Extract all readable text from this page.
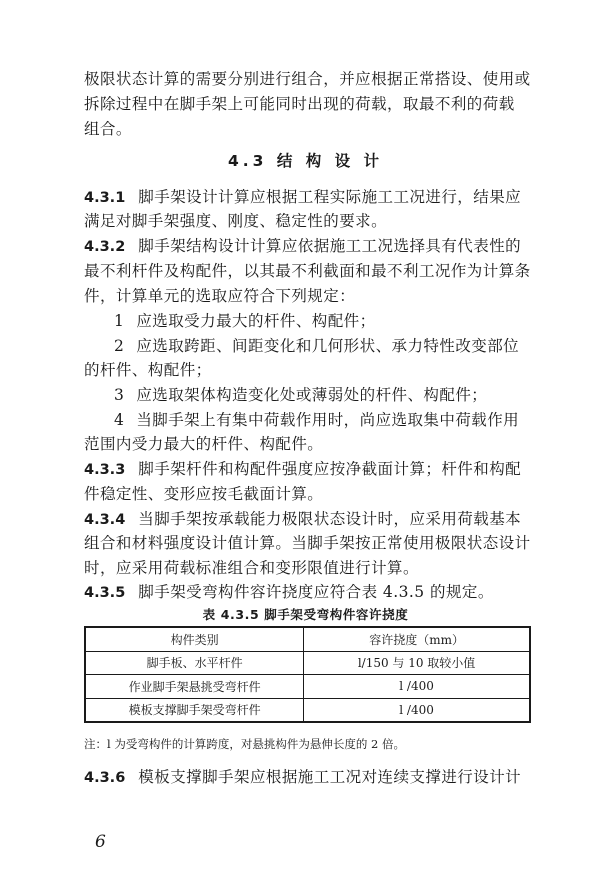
极限状态计算的需要分别进行组合，并应根据正常搭设、使用或
拆除过程中在脚手架上可能同时出现的荷载，取最不利的荷载
组合。
4.3 结 构 设 计
4.3.1 脚手架设计计算应根据工程实际施工工况进行，结果应
满足对脚手架强度、刚度、稳定性的要求。
4.3.2 脚手架结构设计计算应依据施工工况选择具有代表性的
最不利杆件及构配件，以其最不利截面和最不利工况作为计算条
件，计算单元的选取应符合下列规定：
1 应选取受力最大的杆件、构配件；
2 应选取跨距、间距变化和几何形状、承力特性改变部位
的杆件、构配件；
3 应选取架体构造变化处或薄弱处的杆件、构配件；
4 当脚手架上有集中荷载作用时，尚应选取集中荷载作用
范围内受力最大的杆件、构配件。
4.3.3 脚手架杆件和构配件强度应按净截面计算；杆件和构配
件稳定性、变形应按毛截面计算。
4.3.4 当脚手架按承载能力极限状态设计时，应采用荷载基本
组合和材料强度设计值计算。当脚手架按正常使用极限状态设计
时，应采用荷载标准组合和变形限值进行计算。
4.3.5 脚手架受弯构件容许挠度应符合表 4.3.5 的规定。
表 4.3.5 脚手架受弯构件容许挠度
构件类别	容许挠度（mm）
脚手板、水平杆件	l/150 与 10 取较小值
作业脚手架悬挑受弯杆件	l /400
模板支撑脚手架受弯杆件	l /400
注：l 为受弯构件的计算跨度，对悬挑构件为悬伸长度的 2 倍。
4.3.6 模板支撑脚手架应根据施工工况对连续支撑进行设计计
6
